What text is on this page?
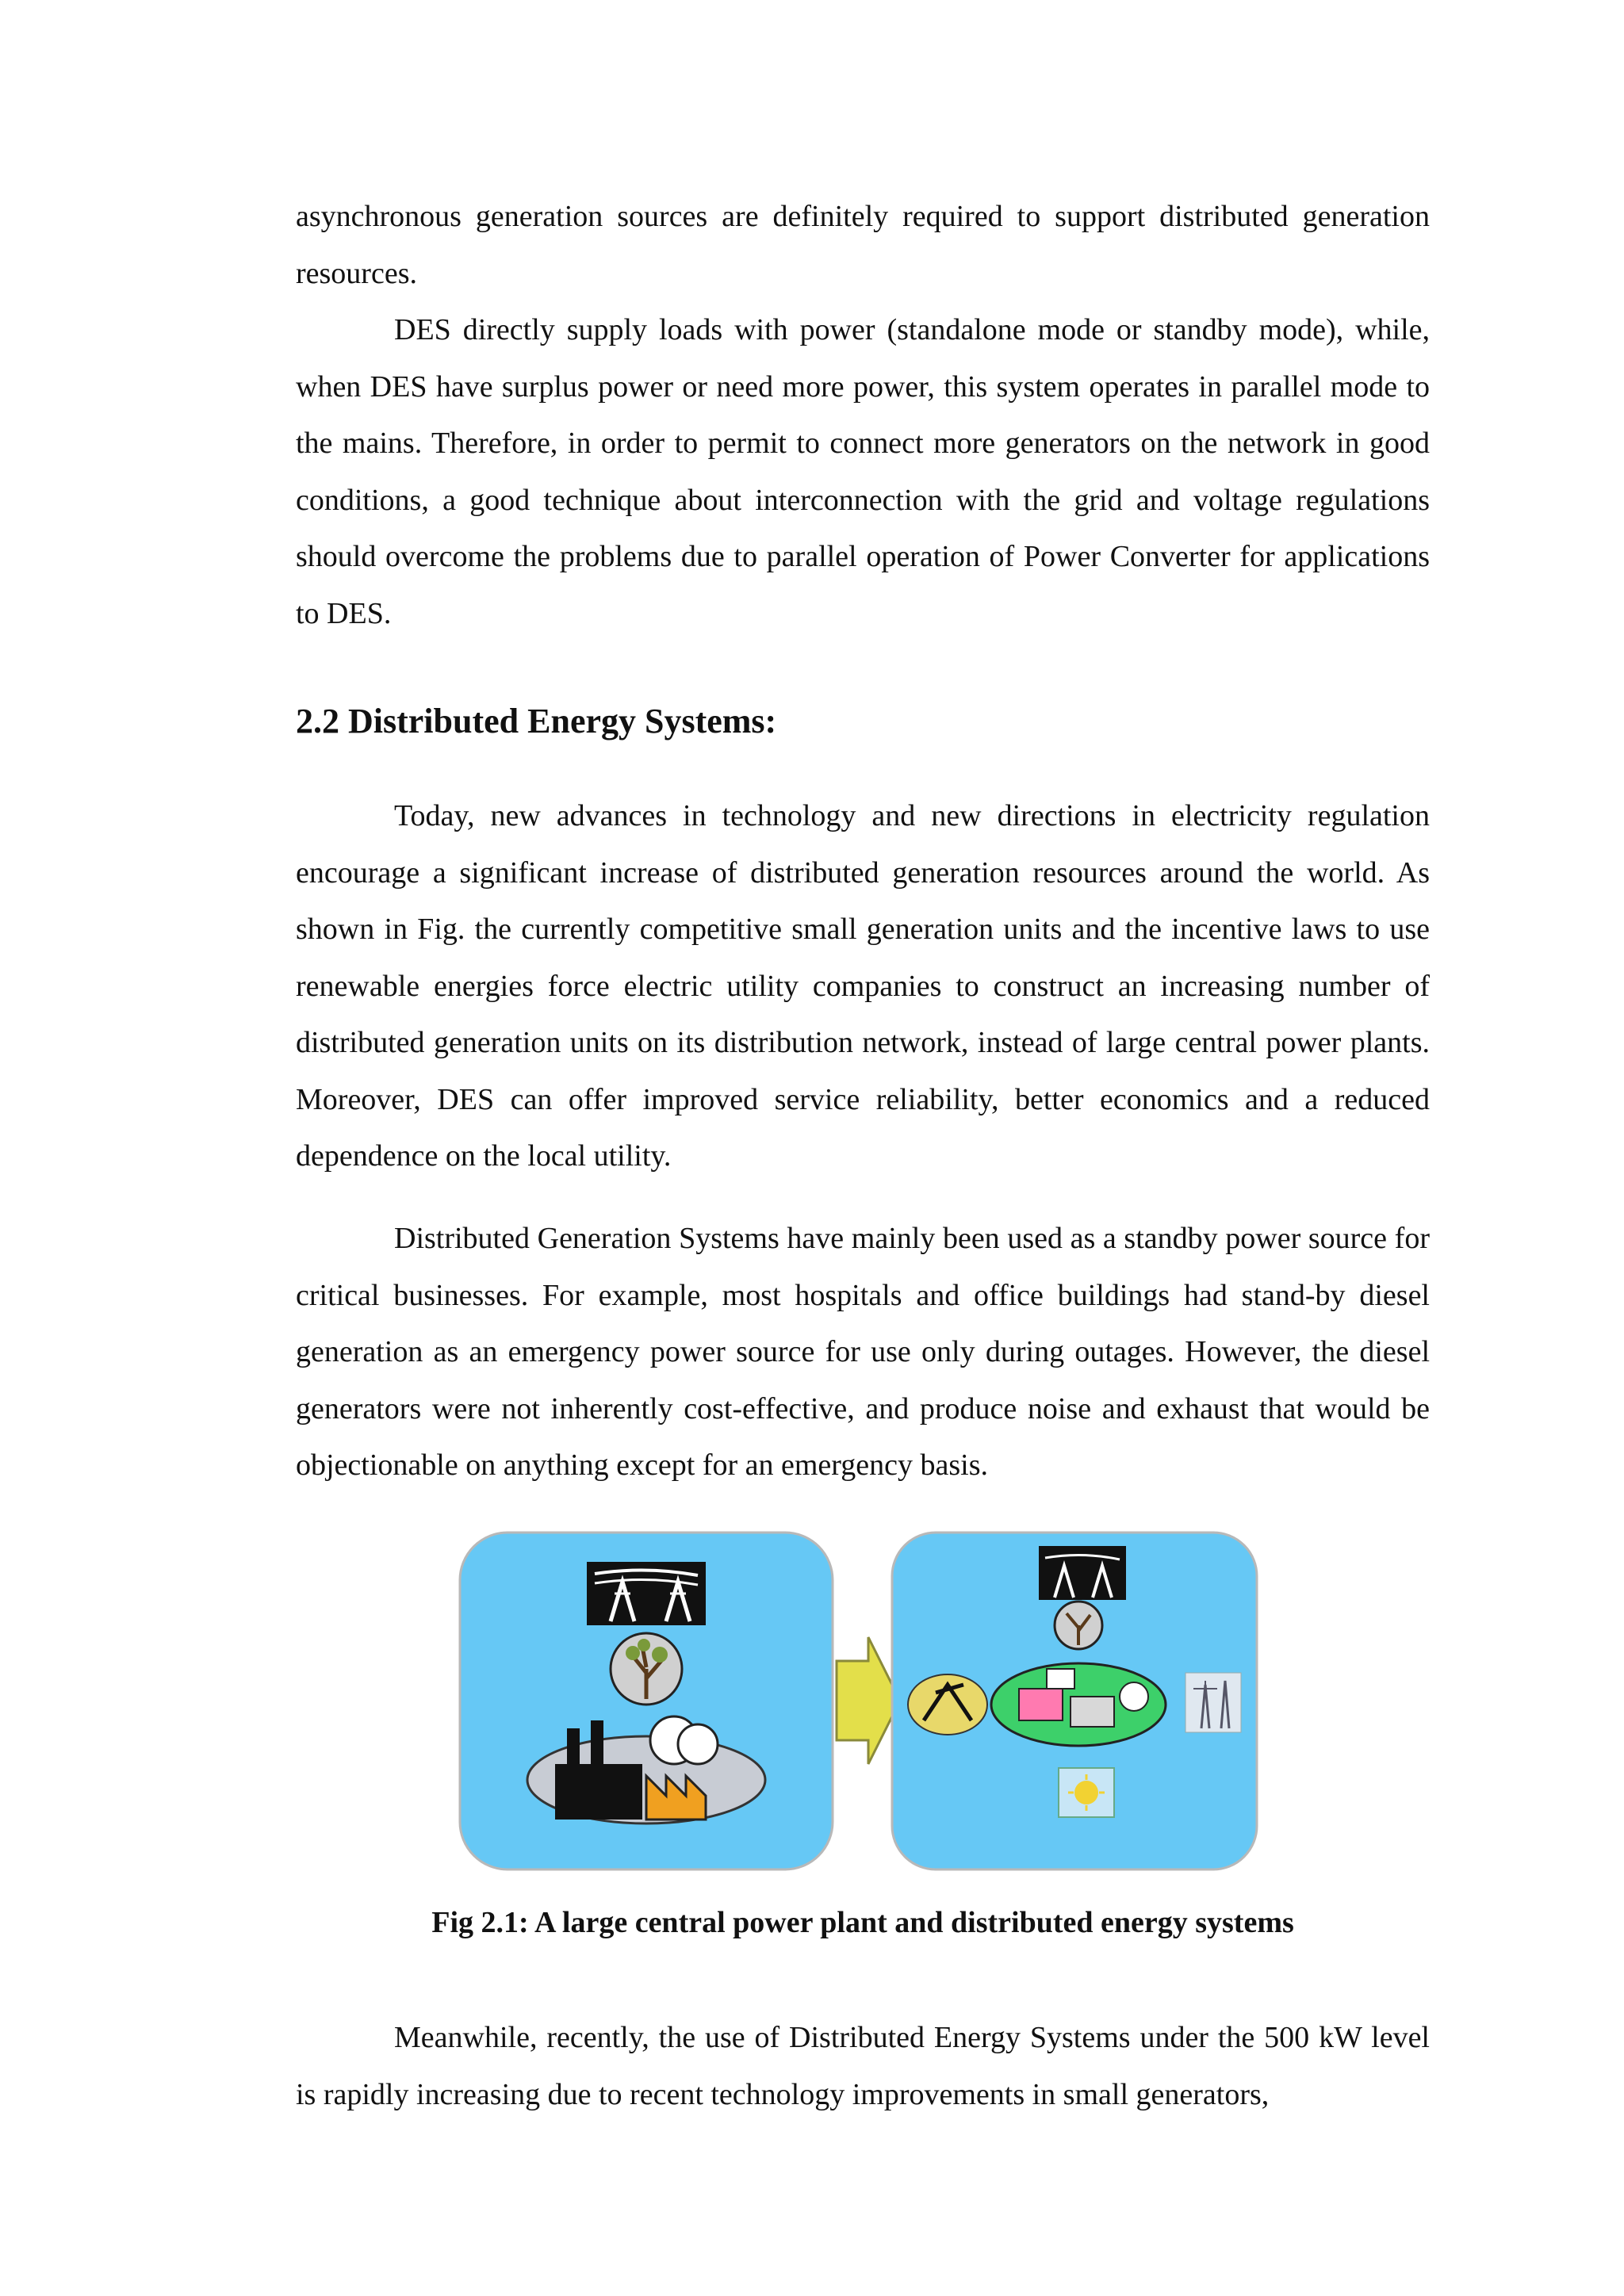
asynchronous generation sources are definitely required to support distributed generation resources.

DES directly supply loads with power (standalone mode or standby mode), while, when DES have surplus power or need more power, this system operates in parallel mode to the mains. Therefore, in order to permit to connect more generators on the network in good conditions, a good technique about interconnection with the grid and voltage regulations should overcome the problems due to parallel operation of Power Converter for applications to DES.

2.2 Distributed Energy Systems:

Today, new advances in technology and new directions in electricity regulation encourage a significant increase of distributed generation resources around the world. As shown in Fig. the currently competitive small generation units and the incentive laws to use renewable energies force electric utility companies to construct an increasing number of distributed generation units on its distribution network, instead of large central power plants. Moreover, DES can offer improved service reliability, better economics and a reduced dependence on the local utility.

Distributed Generation Systems have mainly been used as a standby power source for critical businesses. For example, most hospitals and office buildings had stand-by diesel generation as an emergency power source for use only during outages. However, the diesel generators were not inherently cost-effective, and produce noise and exhaust that would be objectionable on anything except for an emergency basis.

Fig 2.1: A large central power plant and distributed energy systems

Meanwhile, recently, the use of Distributed Energy Systems under the 500 kW level is rapidly increasing due to recent technology improvements in small generators,
